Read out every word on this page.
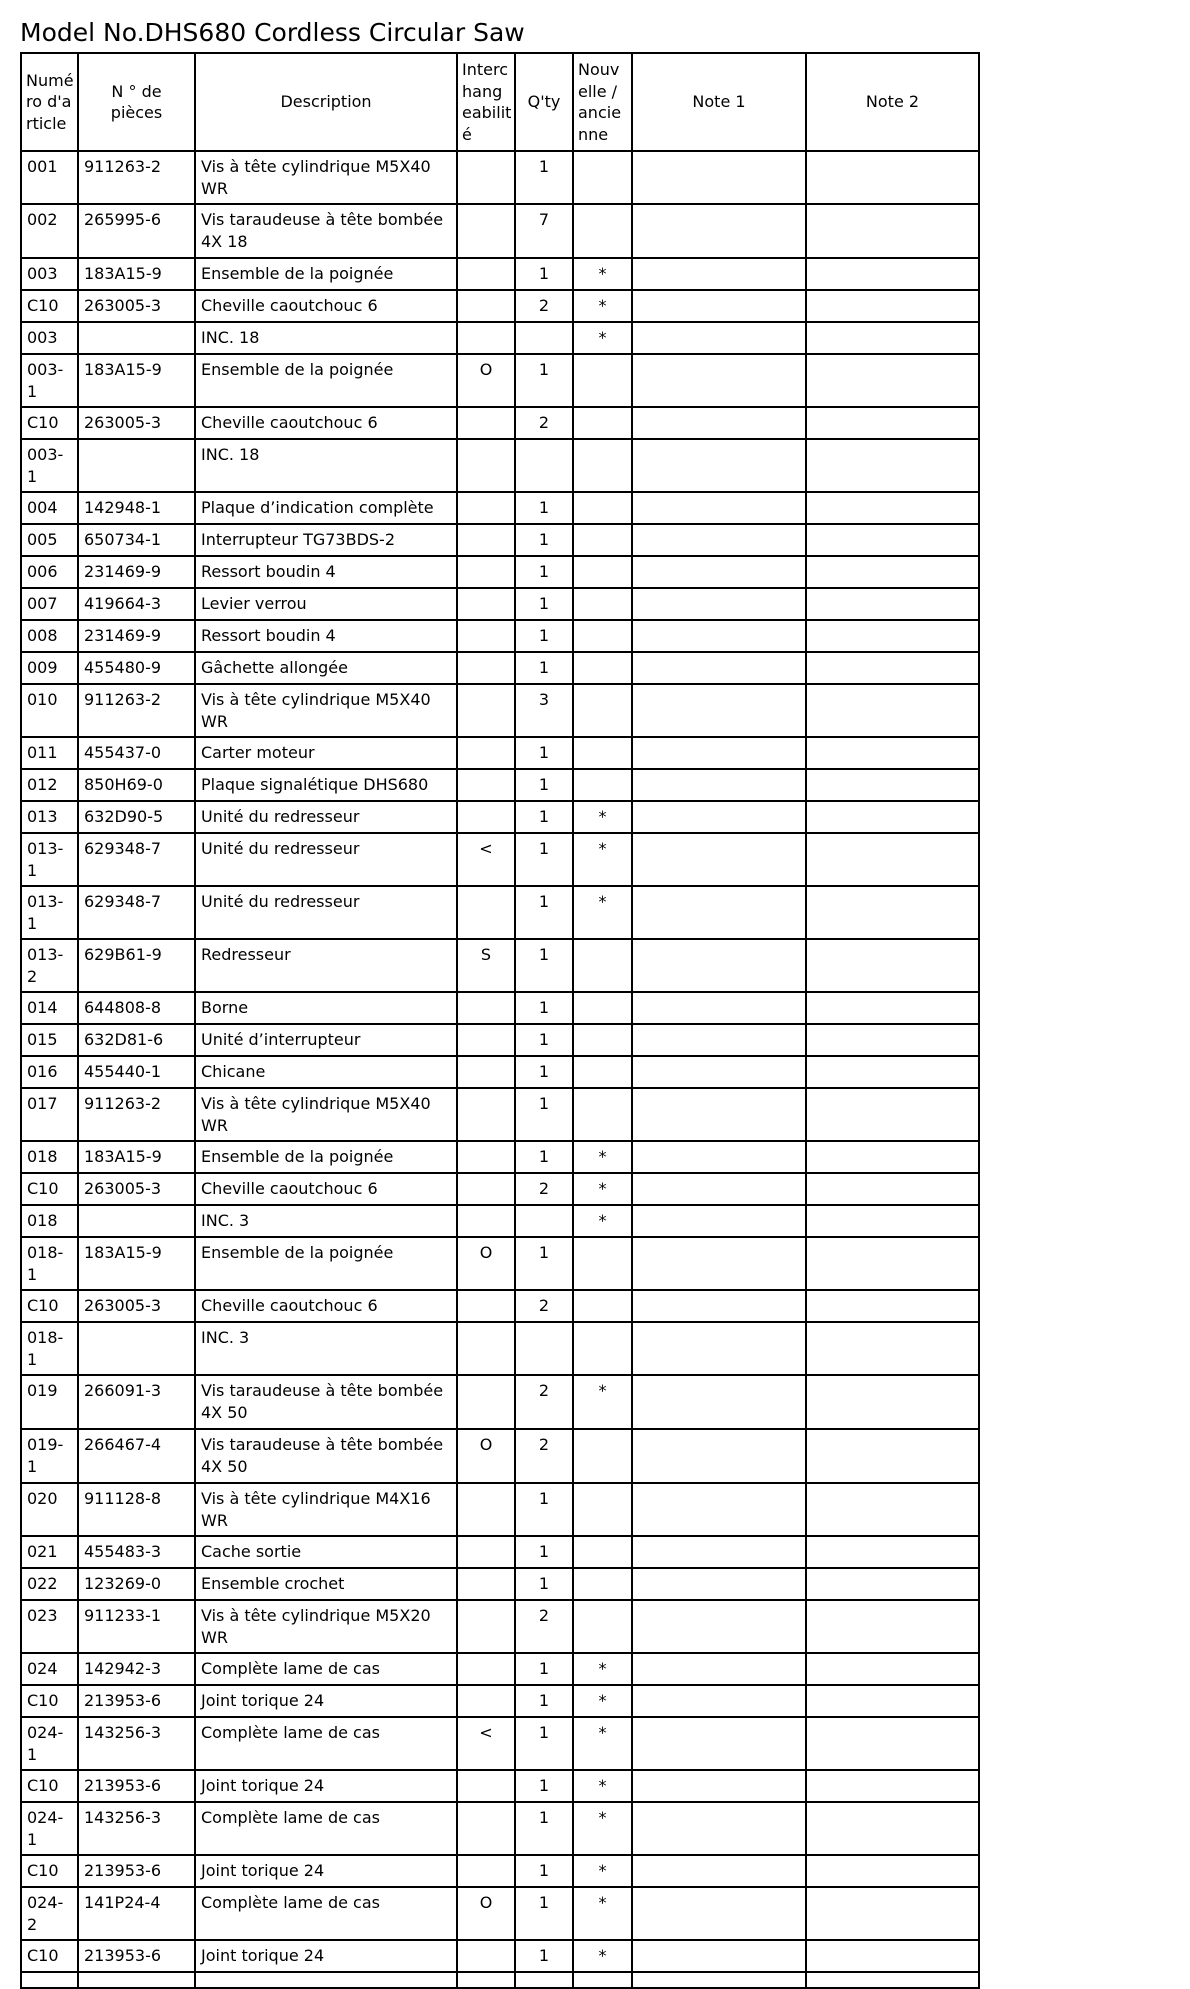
Model No.DHS680 Cordless Circular Saw
Numéro d'article	N ° de pièces	Description	Interchangeabilité	Q'ty	Nouvelle / ancienne	Note 1	Note 2
001	911263-2	Vis à tête cylindrique M5X40 WR		1			
002	265995-6	Vis taraudeuse à tête bombée 4X 18		7			
003	183A15-9	Ensemble de la poignée		1	*		
C10	263005-3	Cheville caoutchouc 6		2	*		
003		INC. 18			*		
003-1	183A15-9	Ensemble de la poignée	O	1			
C10	263005-3	Cheville caoutchouc 6		2			
003-1		INC. 18					
004	142948-1	Plaque d’indication complète		1			
005	650734-1	Interrupteur TG73BDS-2		1			
006	231469-9	Ressort boudin 4		1			
007	419664-3	Levier verrou		1			
008	231469-9	Ressort boudin 4		1			
009	455480-9	Gâchette allongée		1			
010	911263-2	Vis à tête cylindrique M5X40 WR		3			
011	455437-0	Carter moteur		1			
012	850H69-0	Plaque signalétique DHS680		1			
013	632D90-5	Unité du redresseur		1	*		
013-1	629348-7	Unité du redresseur	<	1	*		
013-1	629348-7	Unité du redresseur		1	*		
013-2	629B61-9	Redresseur	S	1			
014	644808-8	Borne		1			
015	632D81-6	Unité d’interrupteur		1			
016	455440-1	Chicane		1			
017	911263-2	Vis à tête cylindrique M5X40 WR		1			
018	183A15-9	Ensemble de la poignée		1	*		
C10	263005-3	Cheville caoutchouc 6		2	*		
018		INC. 3			*		
018-1	183A15-9	Ensemble de la poignée	O	1			
C10	263005-3	Cheville caoutchouc 6		2			
018-1		INC. 3					
019	266091-3	Vis taraudeuse à tête bombée 4X 50		2	*		
019-1	266467-4	Vis taraudeuse à tête bombée 4X 50	O	2			
020	911128-8	Vis à tête cylindrique M4X16 WR		1			
021	455483-3	Cache sortie		1			
022	123269-0	Ensemble crochet		1			
023	911233-1	Vis à tête cylindrique M5X20 WR		2			
024	142942-3	Complète lame de cas		1	*		
C10	213953-6	Joint torique 24		1	*		
024-1	143256-3	Complète lame de cas	<	1	*		
C10	213953-6	Joint torique 24		1	*		
024-1	143256-3	Complète lame de cas		1	*		
C10	213953-6	Joint torique 24		1	*		
024-2	141P24-4	Complète lame de cas	O	1	*		
C10	213953-6	Joint torique 24		1	*		
